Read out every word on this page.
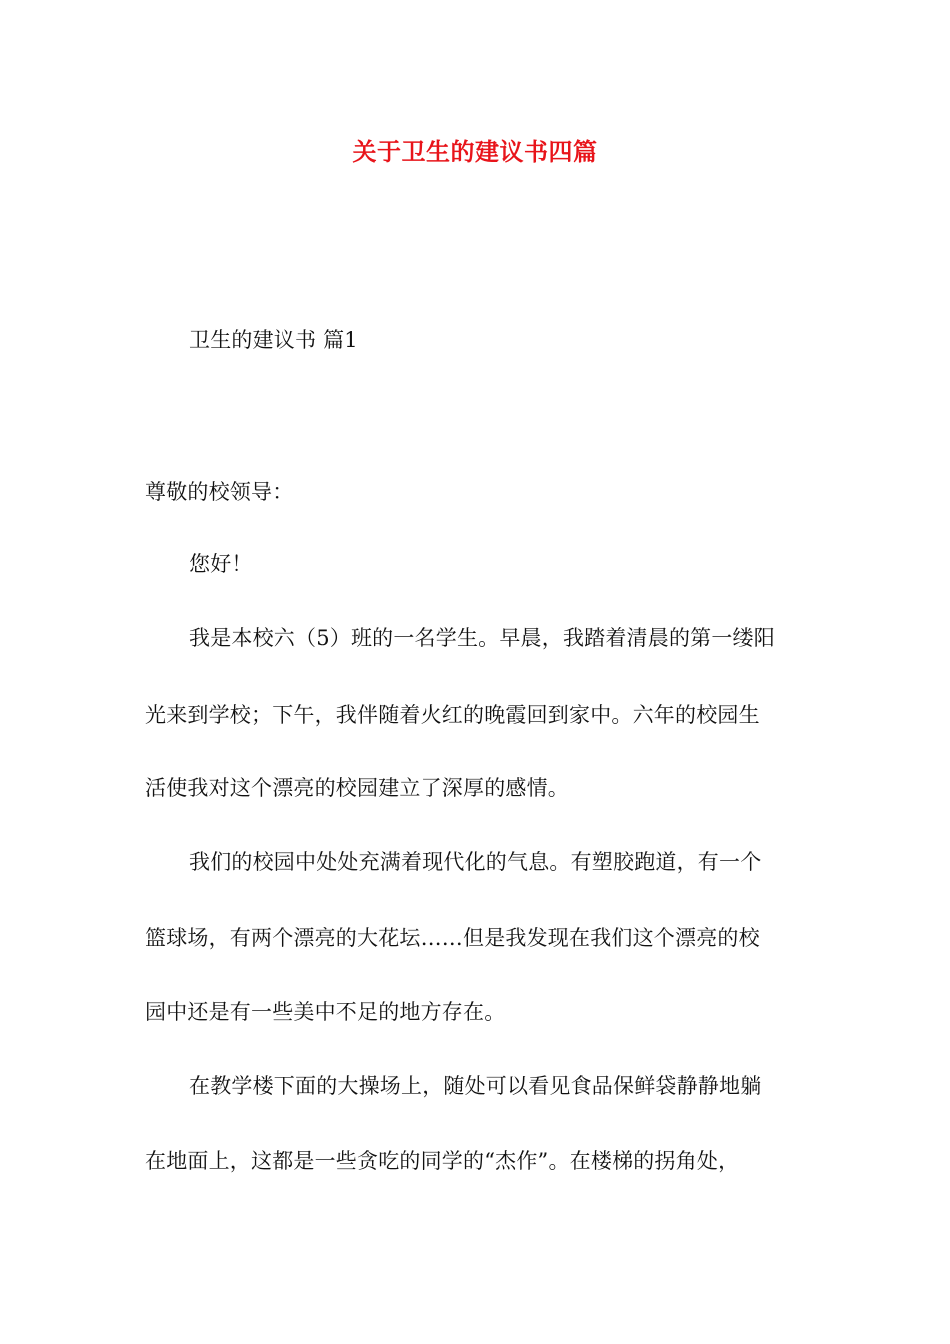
关于卫生的建议书四篇
卫生的建议书 篇1
尊敬的校领导：
您好！
我是本校六（5）班的一名学生。早晨，我踏着清晨的第一缕阳
光来到学校；下午，我伴随着火红的晚霞回到家中。六年的校园生
活使我对这个漂亮的校园建立了深厚的感情。
我们的校园中处处充满着现代化的气息。有塑胶跑道，有一个
篮球场，有两个漂亮的大花坛……但是我发现在我们这个漂亮的校
园中还是有一些美中不足的地方存在。
在教学楼下面的大操场上，随处可以看见食品保鲜袋静静地躺
在地面上，这都是一些贪吃的同学的“杰作”。在楼梯的拐角处，
